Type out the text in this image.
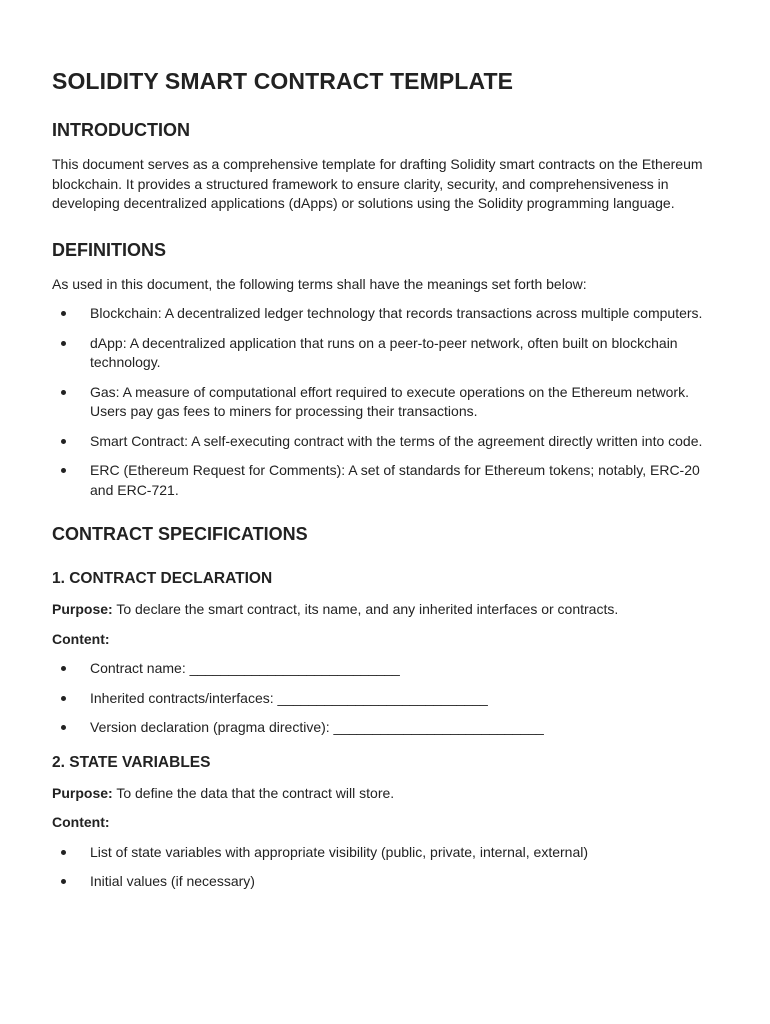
SOLIDITY SMART CONTRACT TEMPLATE
INTRODUCTION

This document serves as a comprehensive template for drafting Solidity smart contracts on the Ethereum blockchain. It provides a structured framework to ensure clarity, security, and comprehensiveness in developing decentralized applications (dApps) or solutions using the Solidity programming language.

DEFINITIONS

As used in this document, the following terms shall have the meanings set forth below:

Blockchain: A decentralized ledger technology that records transactions across multiple computers.
dApp: A decentralized application that runs on a peer-to-peer network, often built on blockchain technology.
Gas: A measure of computational effort required to execute operations on the Ethereum network. Users pay gas fees to miners for processing their transactions.
Smart Contract: A self-executing contract with the terms of the agreement directly written into code.
ERC (Ethereum Request for Comments): A set of standards for Ethereum tokens; notably, ERC-20 and ERC-721.
CONTRACT SPECIFICATIONS
1. CONTRACT DECLARATION
Purpose: To declare the smart contract, its name, and any inherited interfaces or contracts.
Content:
Contract name: ___________________________
Inherited contracts/interfaces: ___________________________
Version declaration (pragma directive): ___________________________
2. STATE VARIABLES
Purpose: To define the data that the contract will store.
Content:
List of state variables with appropriate visibility (public, private, internal, external)
Initial values (if necessary)
